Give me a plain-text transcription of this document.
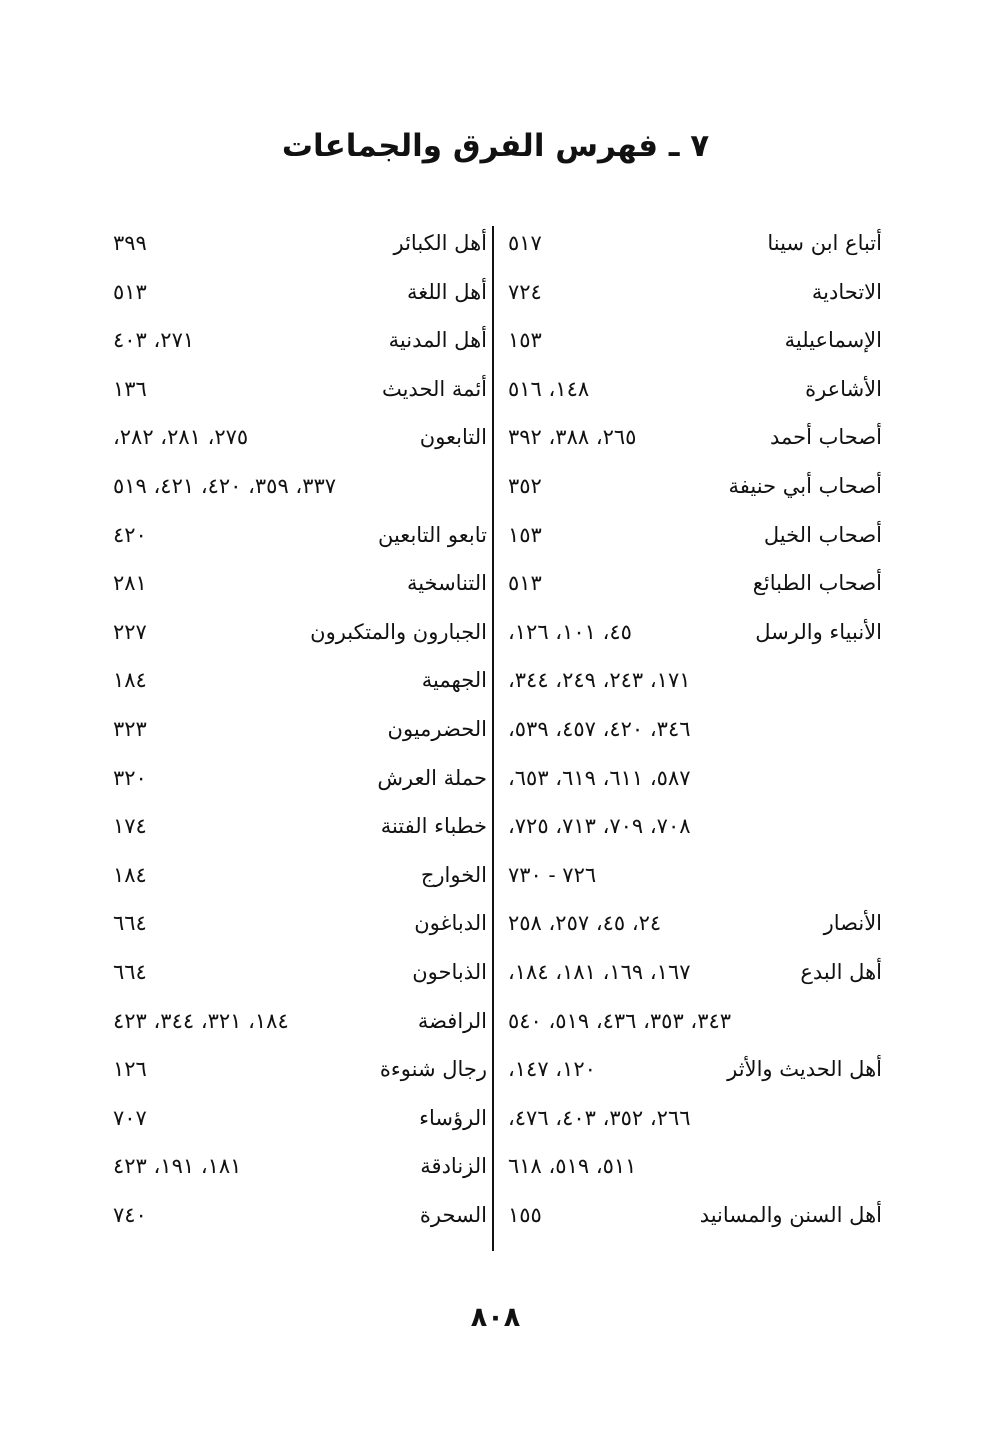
٧ ـ فهرس الفرق والجماعات
أتباع ابن سينا
٥١٧
الاتحادية
٧٢٤
الإسماعيلية
١٥٣
الأشاعرة
١٤٨، ٥١٦
أصحاب أحمد
٢٦٥، ٣٨٨، ٣٩٢
أصحاب أبي حنيفة
٣٥٢
أصحاب الخيل
١٥٣
أصحاب الطبائع
٥١٣
الأنبياء والرسل
٤٥، ١٠١، ١٢٦،
١٧١، ٢٤٣، ٢٤٩، ٣٤٤،
٣٤٦، ٤٢٠، ٤٥٧، ٥٣٩،
٥٨٧، ٦١١، ٦١٩، ٦٥٣،
٧٠٨، ٧٠٩، ٧١٣، ٧٢٥،
٧٢٦ - ٧٣٠
الأنصار
٢٤، ٤٥، ٢٥٧، ٢٥٨
أهل البدع
١٦٧، ١٦٩، ١٨١، ١٨٤،
٣٤٣، ٣٥٣، ٤٣٦، ٥١٩، ٥٤٠
أهل الحديث والأثر
١٢٠، ١٤٧،
٢٦٦، ٣٥٢، ٤٠٣، ٤٧٦،
٥١١، ٥١٩، ٦١٨
أهل السنن والمسانيد
١٥٥
أهل الكبائر
٣٩٩
أهل اللغة
٥١٣
أهل المدنية
٢٧١، ٤٠٣
أئمة الحديث
١٣٦
التابعون
٢٧٥، ٢٨١، ٢٨٢،
٣٣٧، ٣٥٩، ٤٢٠، ٤٢١، ٥١٩
تابعو التابعين
٤٢٠
التناسخية
٢٨١
الجبارون والمتكبرون
٢٢٧
الجهمية
١٨٤
الحضرميون
٣٢٣
حملة العرش
٣٢٠
خطباء الفتنة
١٧٤
الخوارج
١٨٤
الدباغون
٦٦٤
الذباحون
٦٦٤
الرافضة
١٨٤، ٣٢١، ٣٤٤، ٤٢٣
رجال شنوءة
١٢٦
الرؤساء
٧٠٧
الزنادقة
١٨١، ١٩١، ٤٢٣
السحرة
٧٤٠
٨٠٨
